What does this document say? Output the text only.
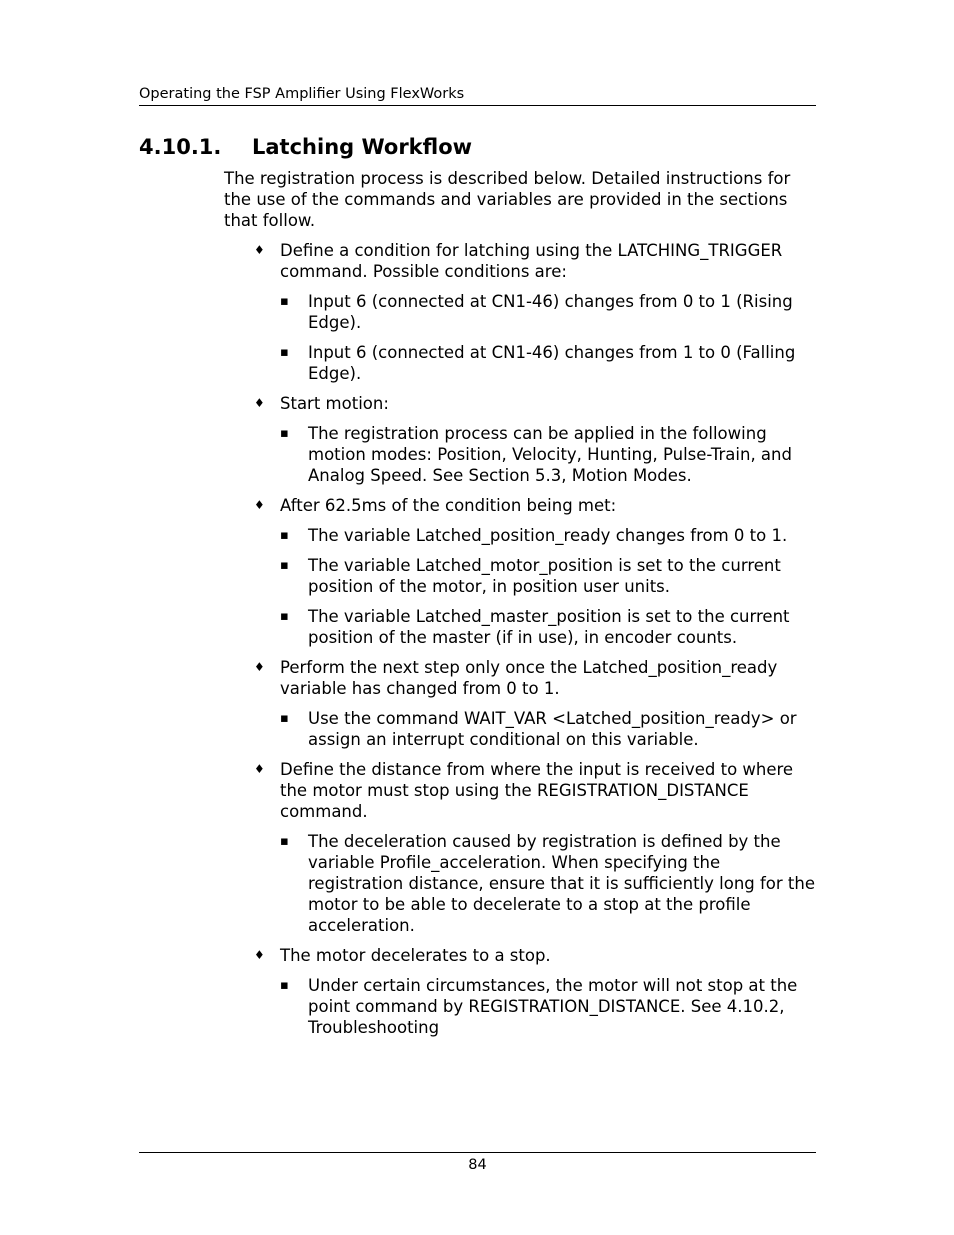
Operating the FSP Amplifier Using FlexWorks
4.10.1. Latching Workflow

The registration process is described below. Detailed instructions for the use of the commands and variables are provided in the sections that follow.

♦ Define a condition for latching using the LATCHING_TRIGGER command. Possible conditions are:
▪ Input 6 (connected at CN1-46) changes from 0 to 1 (Rising Edge).
▪ Input 6 (connected at CN1-46) changes from 1 to 0 (Falling Edge).
♦ Start motion:
▪ The registration process can be applied in the following motion modes: Position, Velocity, Hunting, Pulse-Train, and Analog Speed. See Section 5.3, Motion Modes.
♦ After 62.5ms of the condition being met:
▪ The variable Latched_position_ready changes from 0 to 1.
▪ The variable Latched_motor_position is set to the current position of the motor, in position user units.
▪ The variable Latched_master_position is set to the current position of the master (if in use), in encoder counts.
♦ Perform the next step only once the Latched_position_ready variable has changed from 0 to 1.
▪ Use the command WAIT_VAR <Latched_position_ready> or assign an interrupt conditional on this variable.
♦ Define the distance from where the input is received to where the motor must stop using the REGISTRATION_DISTANCE command.
▪ The deceleration caused by registration is defined by the variable Profile_acceleration. When specifying the registration distance, ensure that it is sufficiently long for the motor to be able to decelerate to a stop at the profile acceleration.
♦ The motor decelerates to a stop.
▪ Under certain circumstances, the motor will not stop at the point command by REGISTRATION_DISTANCE. See 4.10.2, Troubleshooting
84
